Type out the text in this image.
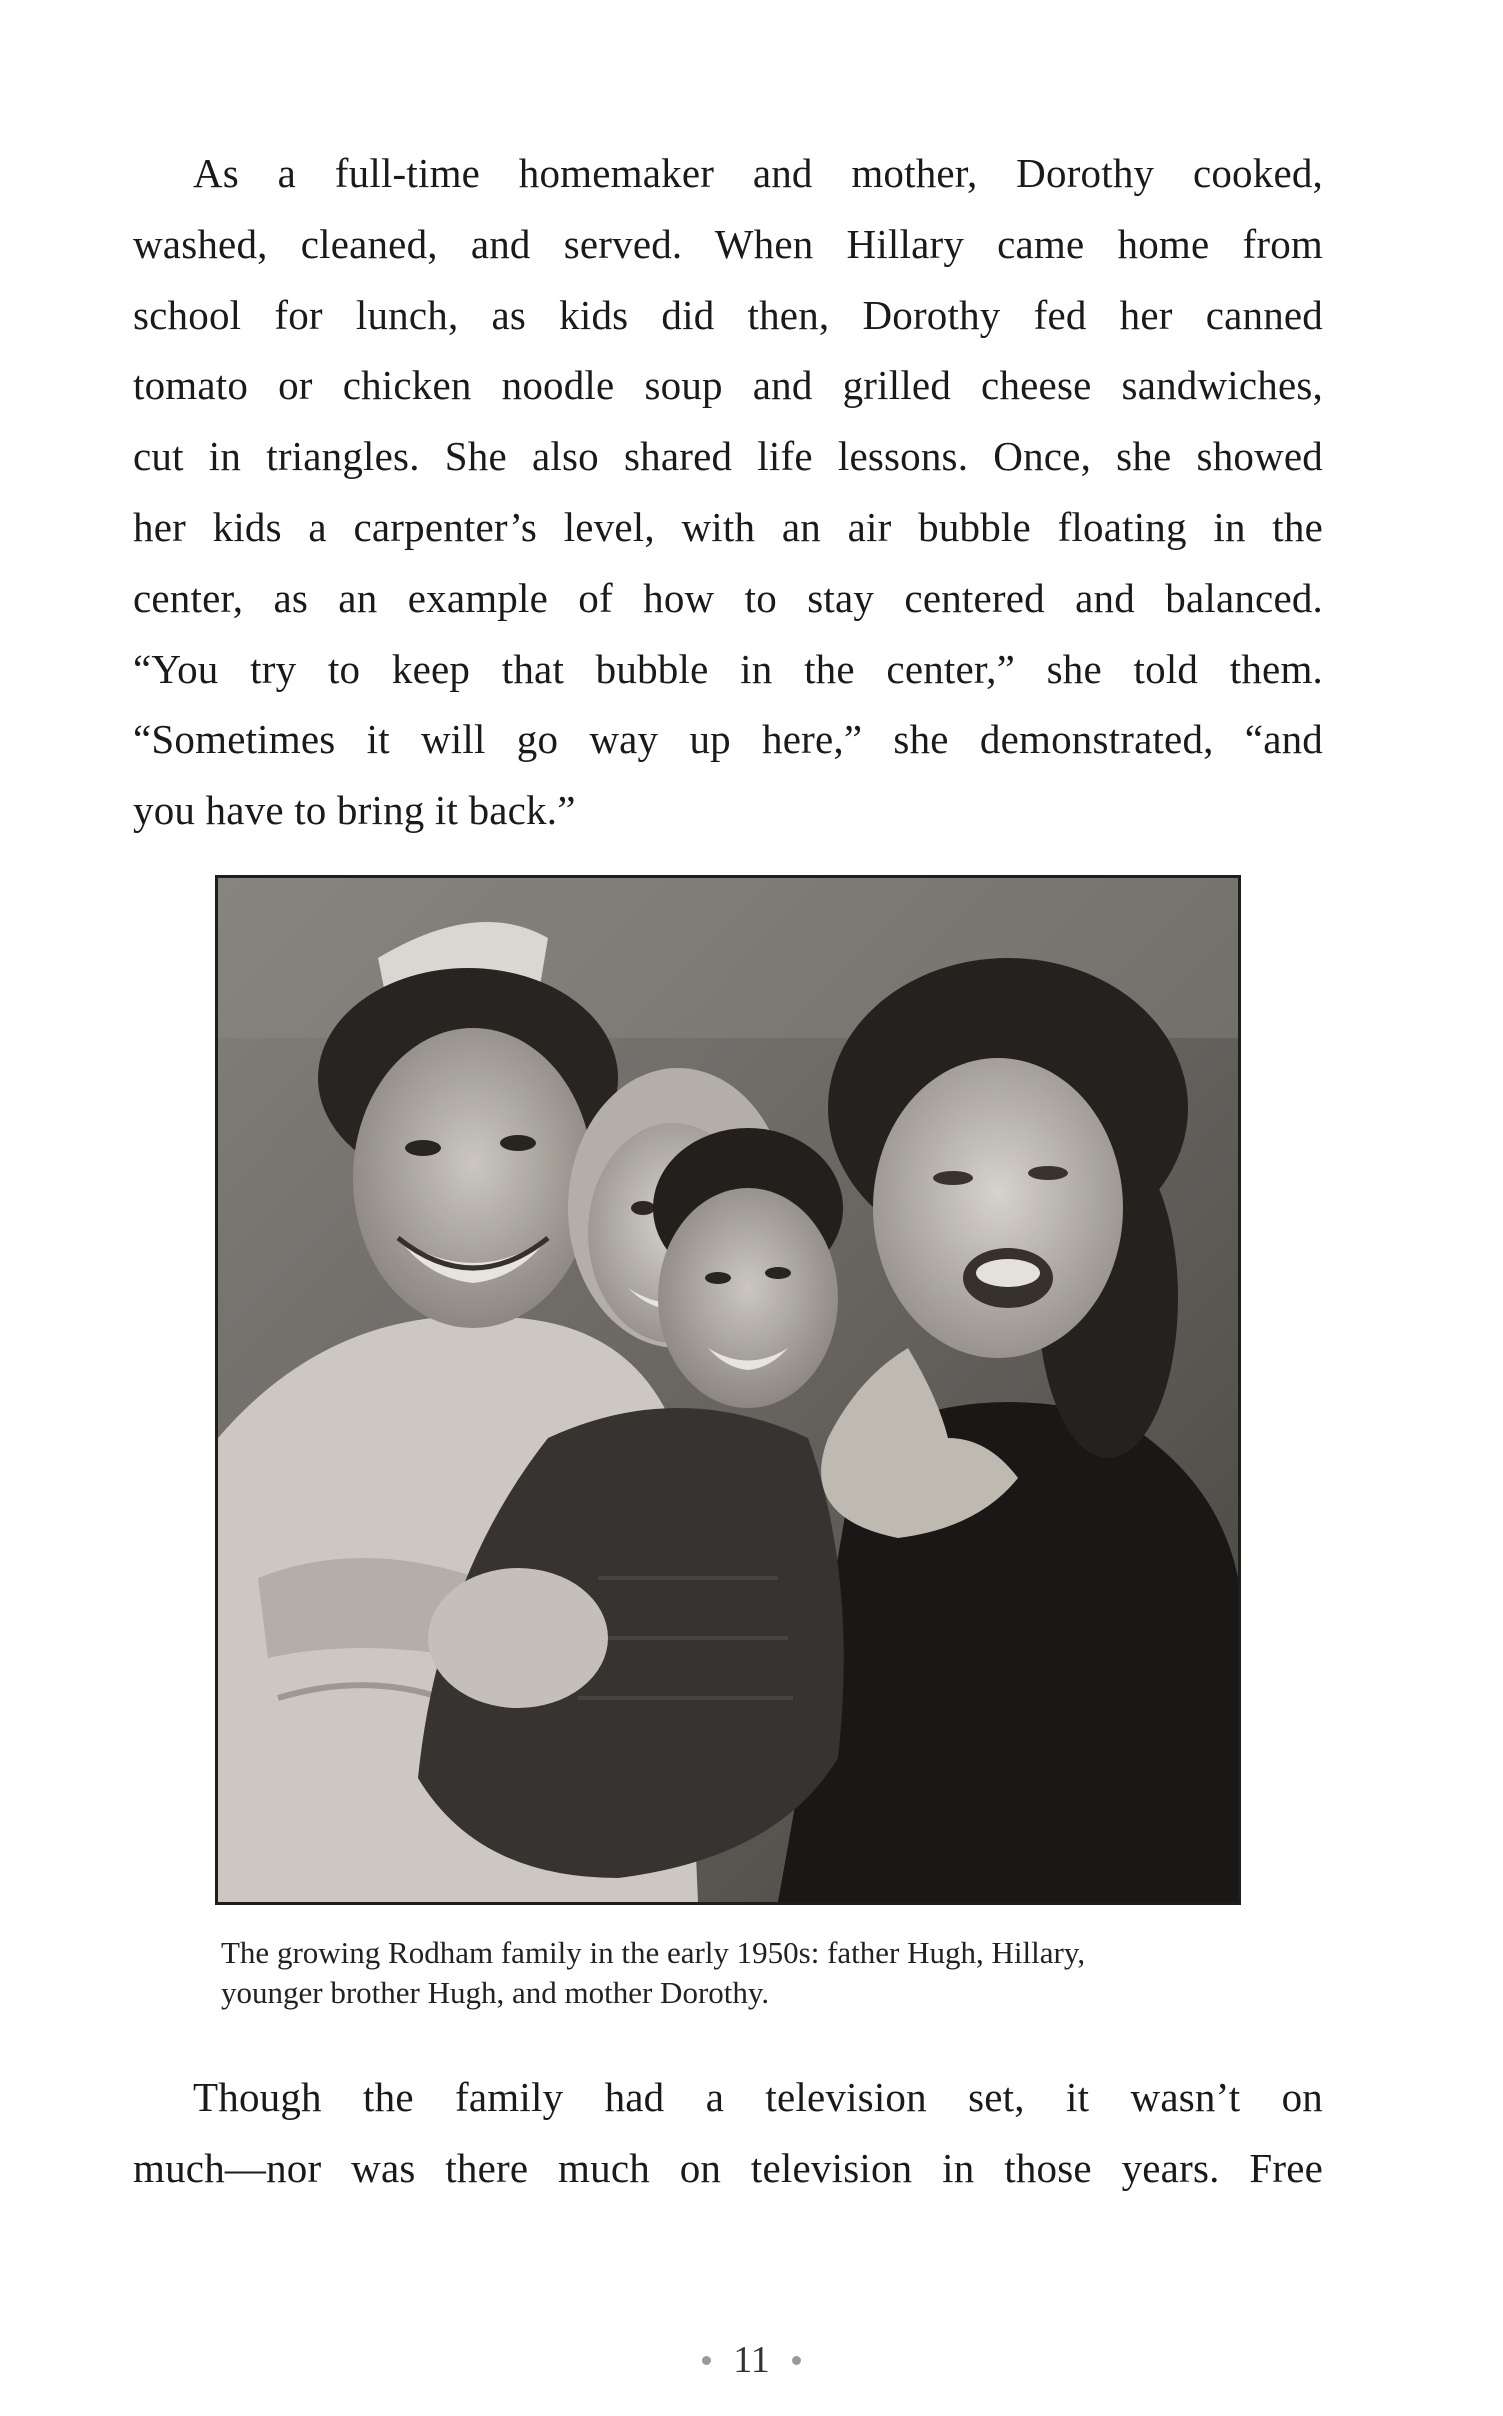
As a full-time homemaker and mother, Dorothy cooked,
washed, cleaned, and served. When Hillary came home from
school for lunch, as kids did then, Dorothy fed her canned
tomato or chicken noodle soup and grilled cheese sandwiches,
cut in triangles. She also shared life lessons. Once, she showed
her kids a carpenter’s level, with an air bubble floating in the
center, as an example of how to stay centered and balanced.
“You try to keep that bubble in the center,” she told them.
“Sometimes it will go way up here,” she demonstrated, “and
you have to bring it back.”

The growing Rodham family in the early 1950s: father Hugh, Hillary,
younger brother Hugh, and mother Dorothy.

Though the family had a television set, it wasn’t on
much—nor was there much on television in those years. Free

11
